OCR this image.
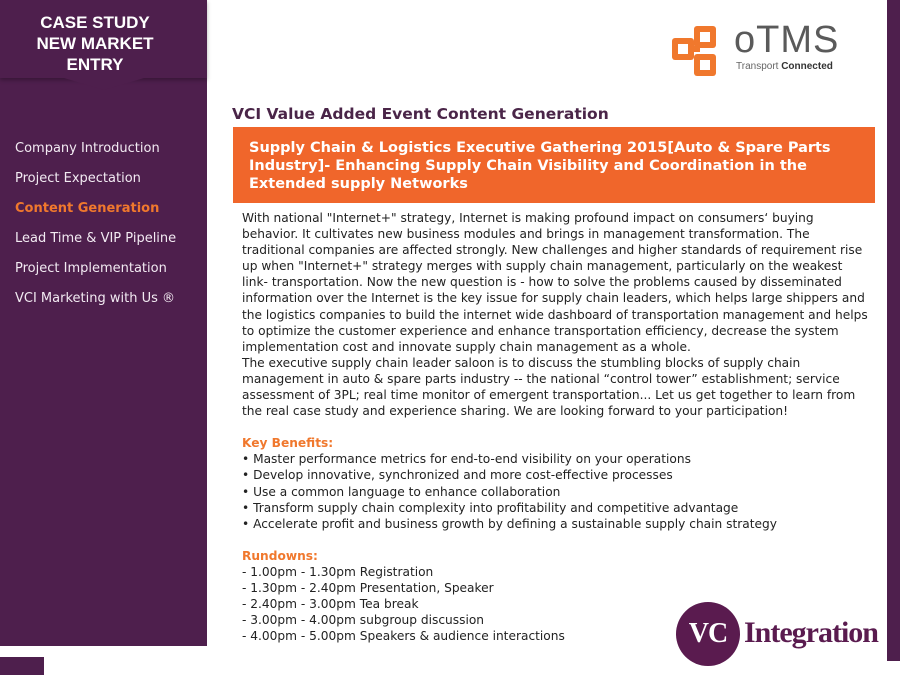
CASE STUDY
NEW MARKET
ENTRY
Company Introduction
Project Expectation
Content Generation
Lead Time & VIP Pipeline
Project Implementation
VCI Marketing with Us ®
oTMS
Transport Connected
VCI Value Added Event Content Generation
Supply Chain & Logistics Executive Gathering 2015[Auto & Spare Parts Industry]- Enhancing Supply Chain Visibility and Coordination in the Extended supply Networks

With national "Internet+" strategy, Internet is making profound impact on consumers‘ buying behavior. It cultivates new business modules and brings in management transformation. The traditional companies are affected strongly. New challenges and higher standards of requirement rise up when "Internet+" strategy merges with supply chain management, particularly on the weakest link- transportation. Now the new question is - how to solve the problems caused by disseminated information over the Internet is the key issue for supply chain leaders, which helps large shippers and the logistics companies to build the internet wide dashboard of transportation management and helps to optimize the customer experience and enhance transportation efficiency, decrease the system implementation cost and innovate supply chain management as a whole.

The executive supply chain leader saloon is to discuss the stumbling blocks of supply chain management in auto & spare parts industry -- the national “control tower” establishment; service assessment of 3PL; real time monitor of emergent transportation... Let us get together to learn from the real case study and experience sharing. We are looking forward to your participation!

Key Benefits:
• Master performance metrics for end-to-end visibility on your operations
• Develop innovative, synchronized and more cost-effective processes
• Use a common language to enhance collaboration
• Transform supply chain complexity into profitability and competitive advantage
• Accelerate profit and business growth by defining a sustainable supply chain strategy
Rundowns:
- 1.00pm - 1.30pm Registration
- 1.30pm - 2.40pm Presentation, Speaker
- 2.40pm - 3.00pm Tea break
- 3.00pm - 4.00pm subgroup discussion
- 4.00pm - 5.00pm Speakers & audience interactions	VC Integration
